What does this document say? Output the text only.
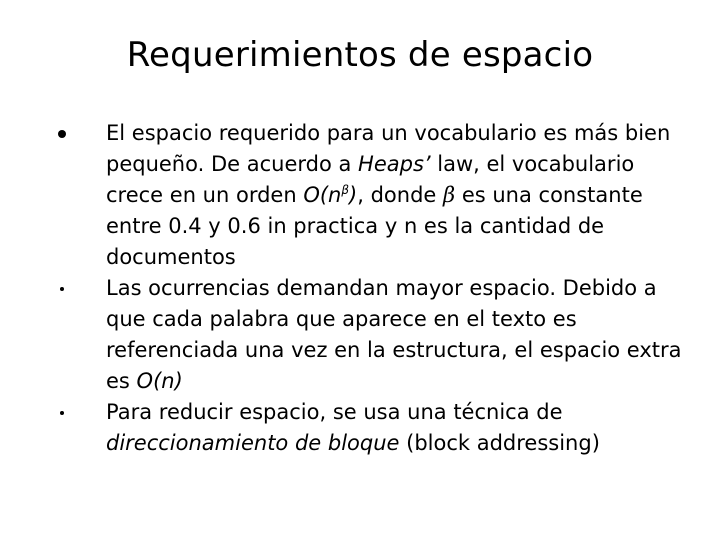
Requerimientos de espacio
El espacio requerido para un vocabulario es más bien pequeño. De acuerdo a Heaps’ law, el vocabulario crece en un orden $O(n^\beta)$, donde β es una constante entre 0.4 y 0.6 in practica y n es la cantidad de documentos
Las ocurrencias demandan mayor espacio. Debido a que cada palabra que aparece en el texto es referenciada una vez en la estructura, el espacio extra es O(n)
Para reducir espacio, se usa una técnica de direccionamiento de bloque (block addressing)
